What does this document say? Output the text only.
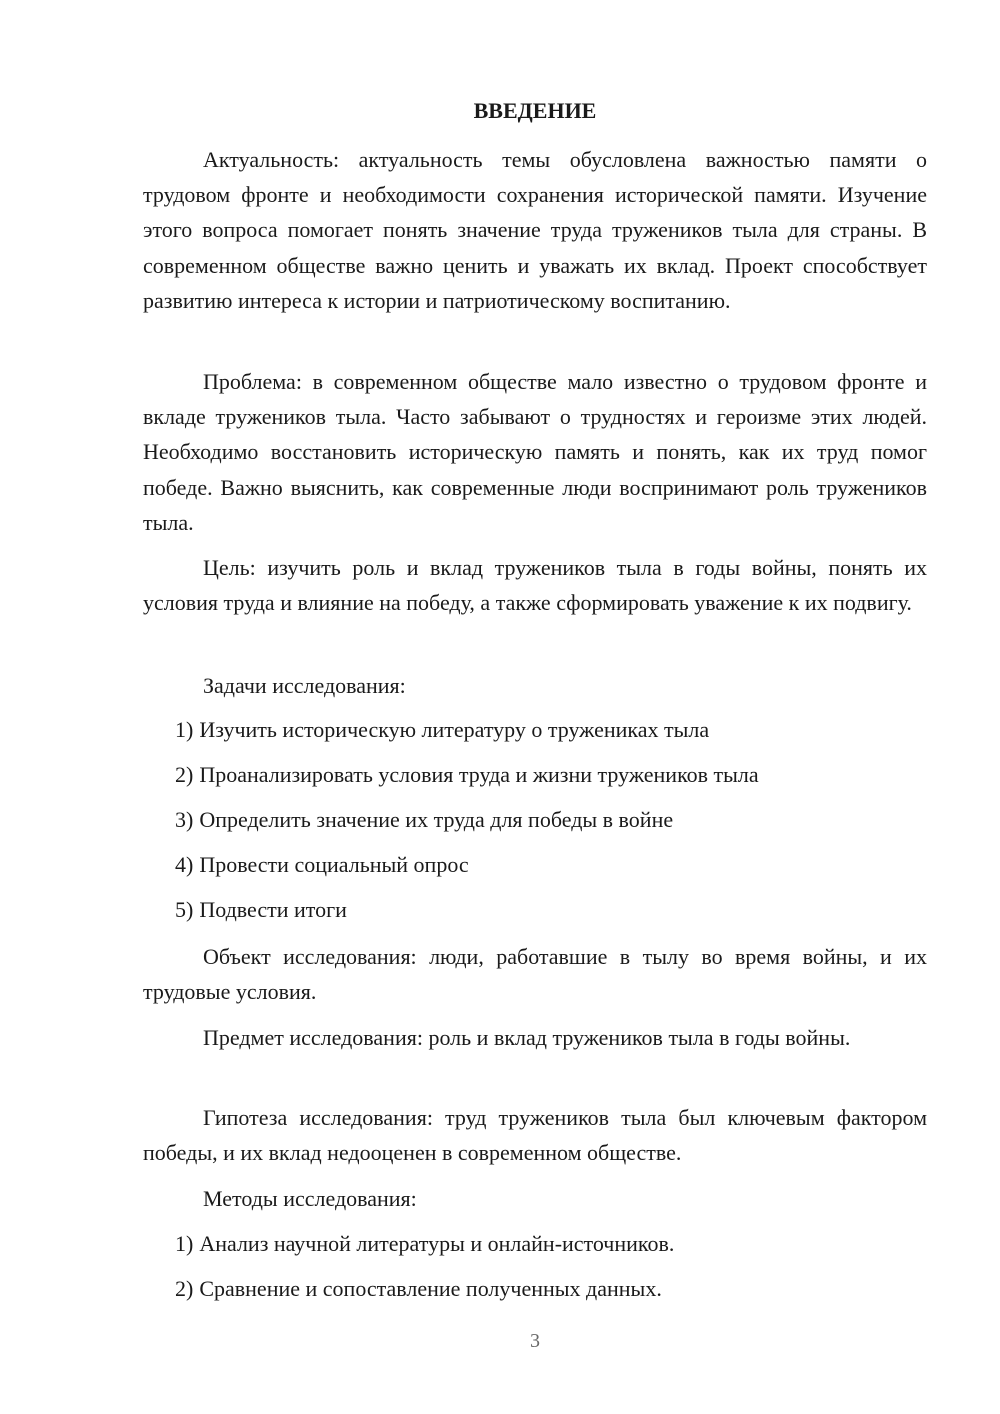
ВВЕДЕНИЕ

Актуальность: актуальность темы обусловлена важностью памяти о трудовом фронте и необходимости сохранения исторической памяти. Изучение этого вопроса помогает понять значение труда тружеников тыла для страны. В современном обществе важно ценить и уважать их вклад. Проект способствует развитию интереса к истории и патриотическому воспитанию.

Проблема: в современном обществе мало известно о трудовом фронте и вкладе тружеников тыла. Часто забывают о трудностях и героизме этих людей. Необходимо восстановить историческую память и понять, как их труд помог победе. Важно выяснить, как современные люди воспринимают роль тружеников тыла.

Цель: изучить роль и вклад тружеников тыла в годы войны, понять их условия труда и влияние на победу, а также сформировать уважение к их подвигу.

Задачи исследования:

1) Изучить историческую литературу о тружениках тыла

2) Проанализировать условия труда и жизни тружеников тыла

3) Определить значение их труда для победы в войне

4) Провести социальный опрос

5) Подвести итоги

Объект исследования: люди, работавшие в тылу во время войны, и их трудовые условия.

Предмет исследования: роль и вклад тружеников тыла в годы войны.

Гипотеза исследования: труд тружеников тыла был ключевым фактором победы, и их вклад недооценен в современном обществе.

Методы исследования:

1) Анализ научной литературы и онлайн-источников.

2) Сравнение и сопоставление полученных данных.

3
